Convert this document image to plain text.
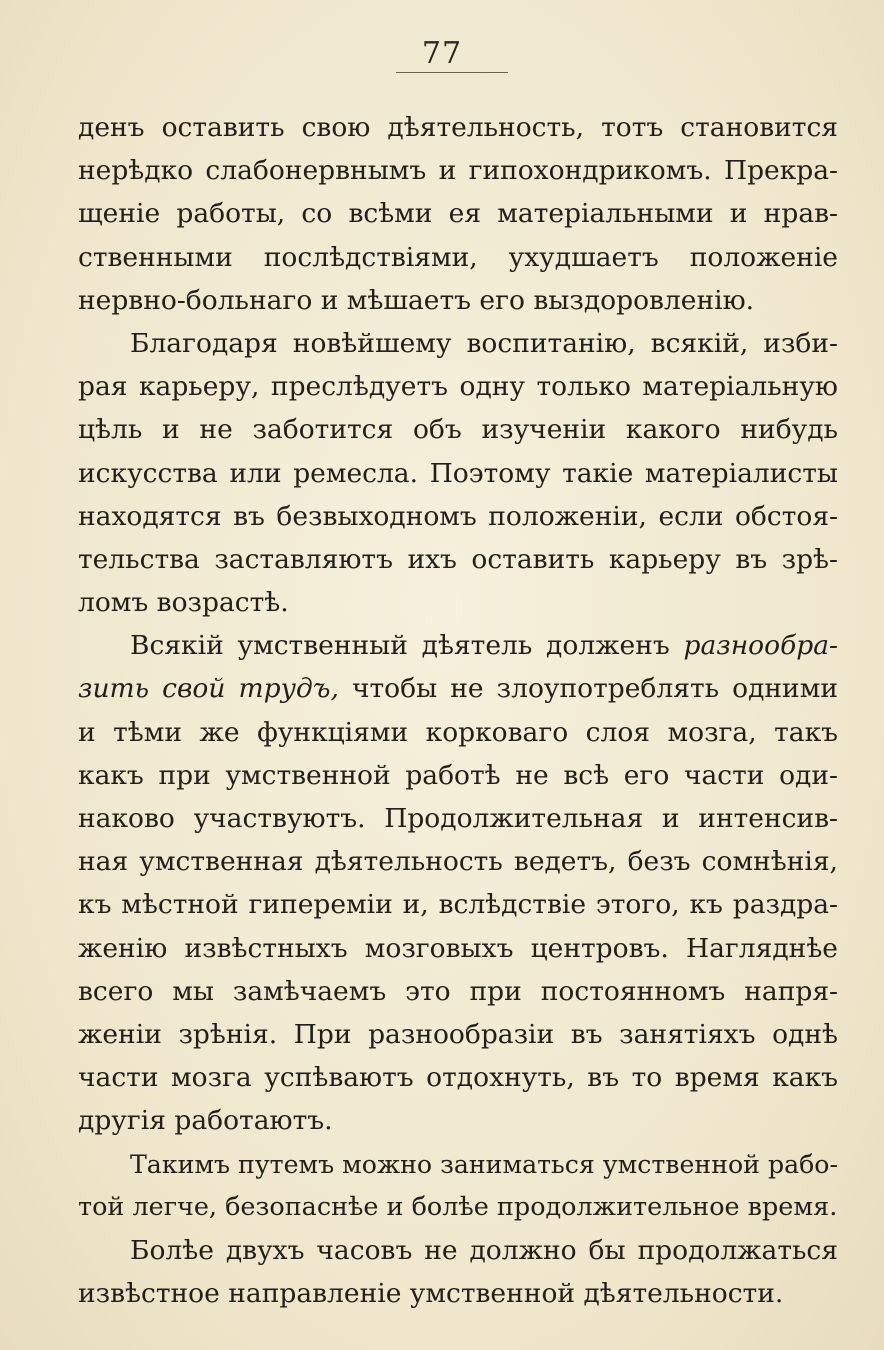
77
денъ оставить свою дѣятельность, тотъ становится
нерѣдко слабонервнымъ и гипохондрикомъ. Прекра-
щеніе работы, со всѣми ея матеріальными и нрав-
ственными послѣдствіями, ухудшаетъ положеніе
нервно-больнаго и мѣшаетъ его выздоровленію.
Благодаря новѣйшему воспитанію, всякій, изби-
рая карьеру, преслѣдуетъ одну только матеріальную
цѣль и не заботится объ изученіи какого нибудь
искусства или ремесла. Поэтому такіе матеріалисты
находятся въ безвыходномъ положеніи, если обстоя-
тельства заставляютъ ихъ оставить карьеру въ зрѣ-
ломъ возрастѣ.
Всякій умственный дѣятель долженъ разнообра-
зить свой трудъ, чтобы не злоупотреблять одними
и тѣми же функціями корковаго слоя мозга, такъ
какъ при умственной работѣ не всѣ его части оди-
наково участвуютъ. Продолжительная и интенсив-
ная умственная дѣятельность ведетъ, безъ сомнѣнія,
къ мѣстной гипереміи и, вслѣдствіе этого, къ раздра-
женію извѣстныхъ мозговыхъ центровъ. Нагляднѣе
всего мы замѣчаемъ это при постоянномъ напря-
женіи зрѣнія. При разнообразіи въ занятіяхъ однѣ
части мозга успѣваютъ отдохнуть, въ то время какъ
другія работаютъ.
Такимъ путемъ можно заниматься умственной рабо-
той легче, безопаснѣе и болѣе продолжительное время.
Болѣе двухъ часовъ не должно бы продолжаться
извѣстное направленіе умственной дѣятельности.
